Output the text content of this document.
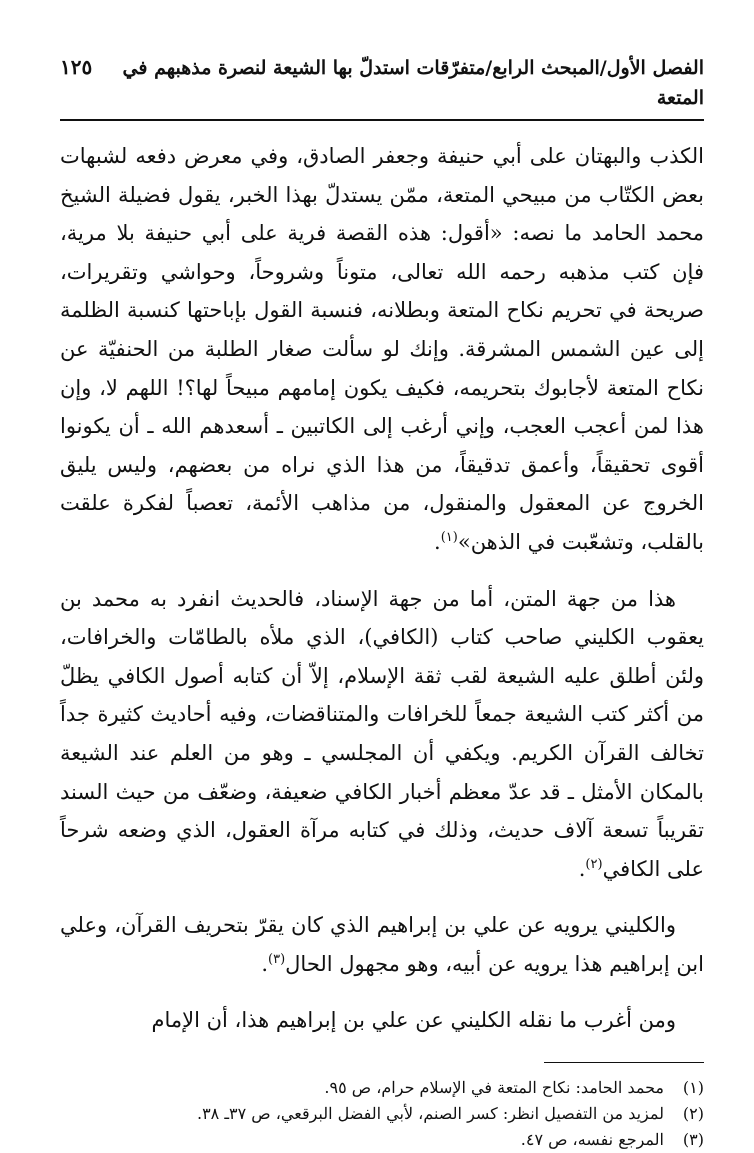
الفصل الأول/المبحث الرابع/متفرّقات استدلّ بها الشيعة لنصرة مذهبهم في المتعة
١٢٥

الكذب والبهتان على أبي حنيفة وجعفر الصادق، وفي معرض دفعه لشبهات بعض الكتّاب من مبيحي المتعة، ممّن يستدلّ بهذا الخبر، يقول فضيلة الشيخ محمد الحامد ما نصه: «أقول: هذه القصة فرية على أبي حنيفة بلا مرية، فإن كتب مذهبه رحمه الله تعالى، متوناً وشروحاً، وحواشي وتقريرات، صريحة في تحريم نكاح المتعة وبطلانه، فنسبة القول بإباحتها كنسبة الظلمة إلى عين الشمس المشرقة. وإنك لو سألت صغار الطلبة من الحنفيّة عن نكاح المتعة لأجابوك بتحريمه، فكيف يكون إمامهم مبيحاً لها؟! اللهم لا، وإن هذا لمن أعجب العجب، وإني أرغب إلى الكاتبين ـ أسعدهم الله ـ أن يكونوا أقوى تحقيقاً، وأعمق تدقيقاً، من هذا الذي نراه من بعضهم، وليس يليق الخروج عن المعقول والمنقول، من مذاهب الأئمة، تعصباً لفكرة علقت بالقلب، وتشعّبت في الذهن»$^{(١)}$.

هذا من جهة المتن، أما من جهة الإسناد، فالحديث انفرد به محمد بن يعقوب الكليني صاحب كتاب (الكافي)، الذي ملأه بالطامّات والخرافات، ولئن أطلق عليه الشيعة لقب ثقة الإسلام، إلاّ أن كتابه أصول الكافي يظلّ من أكثر كتب الشيعة جمعاً للخرافات والمتناقضات، وفيه أحاديث كثيرة جداً تخالف القرآن الكريم. ويكفي أن المجلسي ـ وهو من العلم عند الشيعة بالمكان الأمثل ـ قد عدّ معظم أخبار الكافي ضعيفة، وضعّف من حيث السند تقريباً تسعة آلاف حديث، وذلك في كتابه مرآة العقول، الذي وضعه شرحاً على الكافي$^{(٢)}$.

والكليني يرويه عن علي بن إبراهيم الذي كان يقرّ بتحريف القرآن، وعلي ابن إبراهيم هذا يرويه عن أبيه، وهو مجهول الحال$^{(٣)}$.

ومن أغرب ما نقله الكليني عن علي بن إبراهيم هذا، أن الإمام

(١)
محمد الحامد: نكاح المتعة في الإسلام حرام، ص ٩٥.
(٢)
لمزيد من التفصيل انظر: كسر الصنم، لأبي الفضل البرقعي، ص ٣٧ـ ٣٨.
(٣)
المرجع نفسه، ص ٤٧.
